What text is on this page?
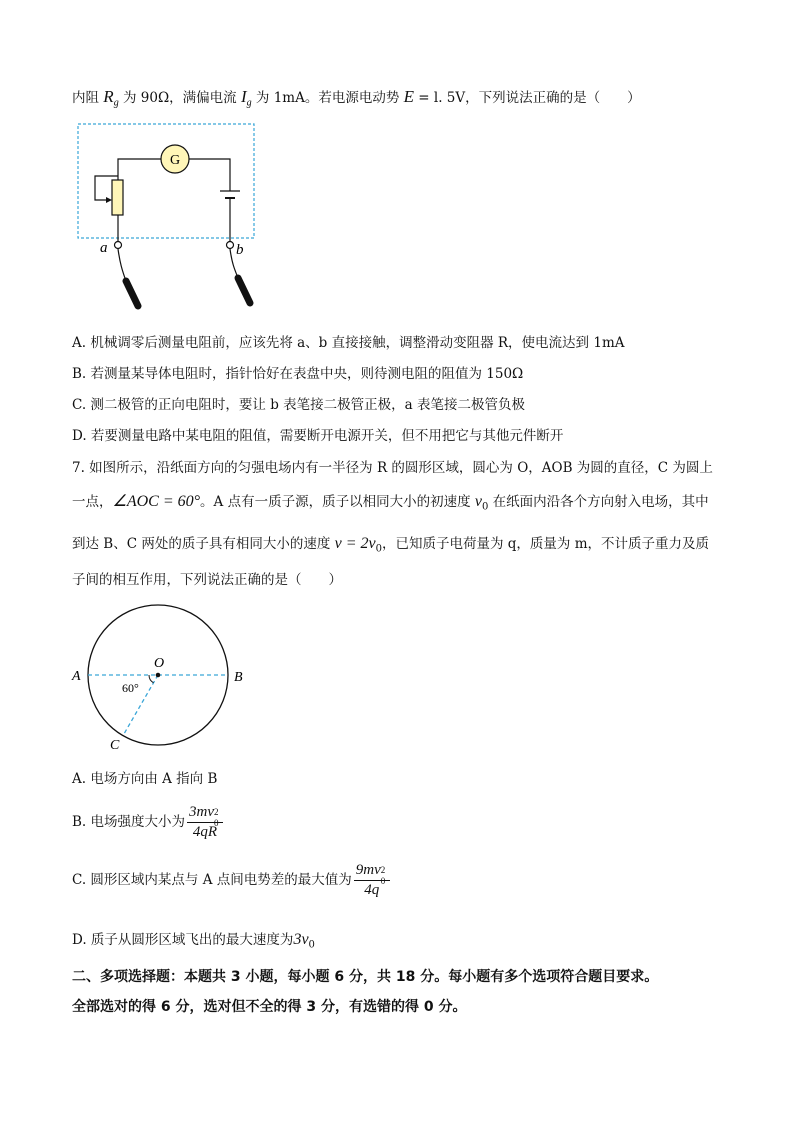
内阻 $R_g$ 为 90Ω，满偏电流 $I_g$ 为 1mA。若电源电动势 E = l. 5V，下列说法正确的是（　　）
G
a	b
A. 机械调零后测量电阻前，应该先将 a、b 直接接触，调整滑动变阻器 R，使电流达到 1mA
B. 若测量某导体电阻时，指针恰好在表盘中央，则待测电阻的阻值为 150Ω
C. 测二极管的正向电阻时，要让 b 表笔接二极管正极，a 表笔接二极管负极
D. 若要测量电路中某电阻的阻值，需要断开电源开关，但不用把它与其他元件断开
7. 如图所示，沿纸面方向的匀强电场内有一半径为 R 的圆形区域，圆心为 O，AOB 为圆的直径，C 为圆上
一点，∠AOC = 60°。A 点有一质子源，质子以相同大小的初速度 $v_0$ 在纸面内沿各个方向射入电场，其中
到达 B、C 两处的质子具有相同大小的速度 $v = 2v_0$，已知质子电荷量为 q，质量为 m，不计质子重力及质
子间的相互作用，下列说法正确的是（　　）
O
A	B
C
60°
A. 电场方向由 A 指向 B
B. 电场强度大小为 3mv 2
0
4qR
C. 圆形区域内某点与 A 点间电势差的最大值为 9mv 2
0
4q
D. 质子从圆形区域飞出的最大速度为$3v_0$
二、多项选择题：本题共 3 小题，每小题 6 分，共 18 分。每小题有多个选项符合题目要求。
全部选对的得 6 分，选对但不全的得 3 分，有选错的得 0 分。
